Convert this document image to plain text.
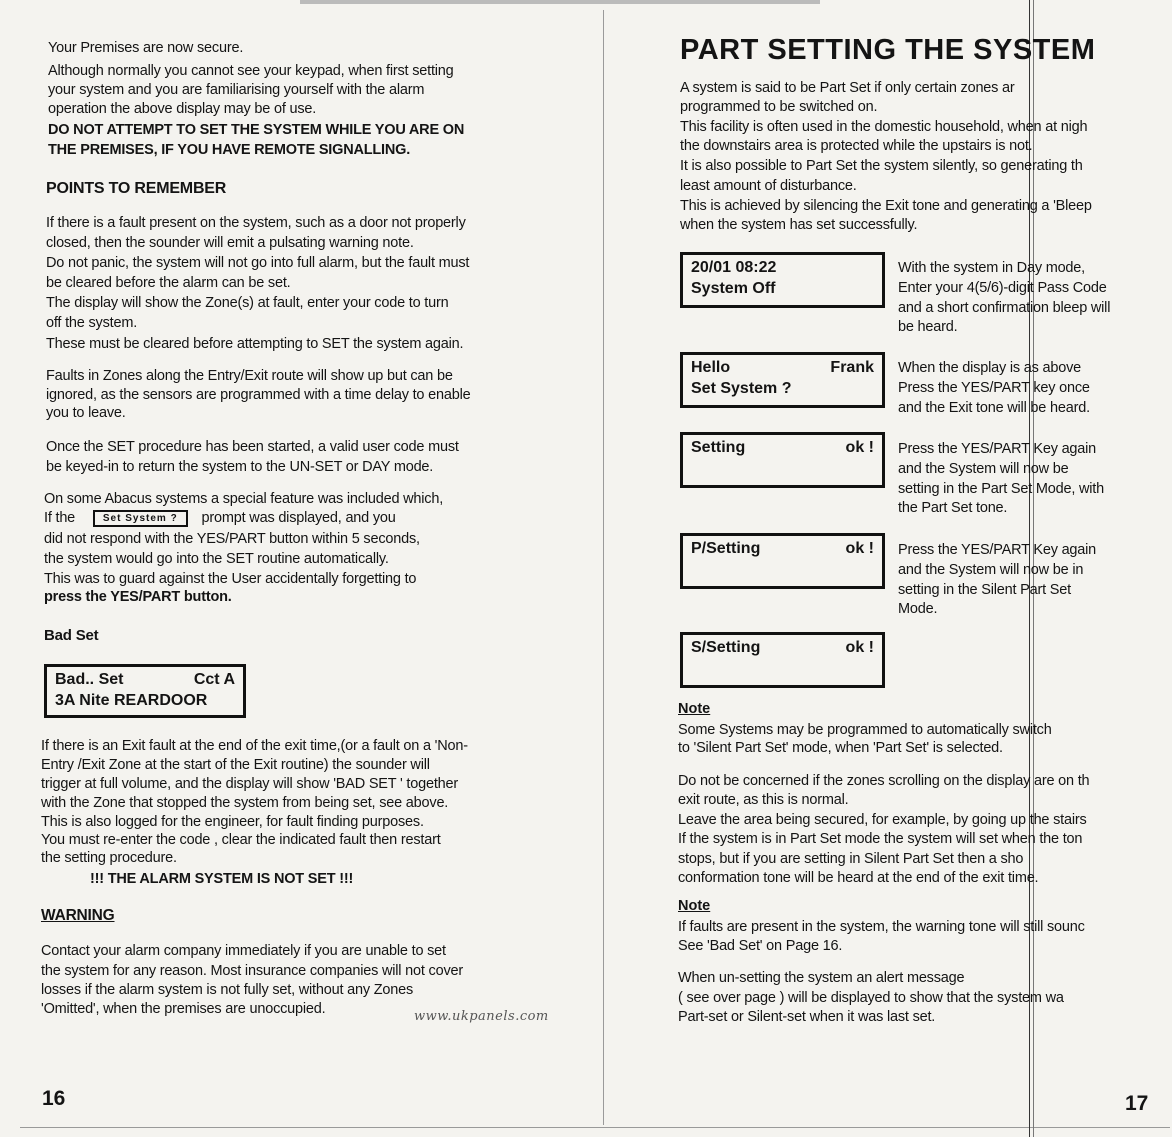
Your Premises are now secure.

Although normally you cannot see your keypad, when first setting

your system and you are familiarising yourself with the alarm

operation the above display may be of use.

DO NOT ATTEMPT TO SET THE SYSTEM WHILE YOU ARE ON

THE PREMISES, IF YOU HAVE REMOTE SIGNALLING.

POINTS TO REMEMBER

If there is a fault present on the system, such as a door not properly

closed, then the sounder will emit a pulsating warning note.

Do not panic, the system will not go into full alarm, but the fault must

be cleared before the alarm can be set.

The display will show the Zone(s) at fault, enter your code to turn

off the system.

These must be cleared before attempting to SET the system again.

Faults in Zones along the Entry/Exit route will show up but can be

ignored, as the sensors are programmed with a time delay to enable

you to leave.

Once the SET procedure has been started, a valid user code must

be keyed-in to return the system to the UN-SET or DAY mode.

On some Abacus systems a special feature was included which,

If the	Set System ? prompt was displayed, and you

did not respond with the YES/PART button within 5 seconds,

the system would go into the SET routine automatically.

This was to guard against the User accidentally forgetting to

press the YES/PART button.

Bad Set

Bad.. Set	Cct A
3A Nite REARDOOR

If there is an Exit fault at the end of the exit time,(or a fault on a 'Non-

Entry /Exit Zone at the start of the Exit routine) the sounder will

trigger at full volume, and the display will show 'BAD SET ' together

with the Zone that stopped the system from being set, see above.

This is also logged for the engineer, for fault finding purposes.

You must re-enter the code , clear the indicated fault then restart

the setting procedure.

!!! THE ALARM SYSTEM IS NOT SET !!!

WARNING

Contact your alarm company immediately if you are unable to set

the system for any reason. Most insurance companies will not cover

losses if the alarm system is not fully set, without any Zones

'Omitted', when the premises are unoccupied.	www.ukpanels.com

16

PART SETTING THE SYSTEM

A system is said to be Part Set if only certain zones ar

programmed to be switched on.

This facility is often used in the domestic household, when at nigh

the downstairs area is protected while the upstairs is not.

It is also possible to Part Set the system silently, so generating th

least amount of disturbance.

This is achieved by silencing the Exit tone and generating a 'Bleep

when the system has set successfully.

20/01 08:22
System Off

With the system in Day mode,

Enter your 4(5/6)-digit Pass Code

and a short confirmation bleep will

be heard.

Hello	Frank
Set System ?

When the display is as above

Press the YES/PART key once

and the Exit tone will be heard.

Setting	ok ! Press the YES/PART Key again

and the System will now be

setting in the Part Set Mode, with

the Part Set tone.

P/Setting	ok ! Press the YES/PART Key again

and the System will now be in

setting in the Silent Part Set

Mode.

S/Setting	ok !

Note

Some Systems may be programmed to automatically switch

to 'Silent Part Set' mode, when 'Part Set' is selected.

Do not be concerned if the zones scrolling on the display are on th

exit route, as this is normal.

Leave the area being secured, for example, by going up the stairs

If the system is in Part Set mode the system will set when the ton

stops, but if you are setting in Silent Part Set then a sho

conformation tone will be heard at the end of the exit time.

Note

If faults are present in the system, the warning tone will still sounc

See 'Bad Set' on Page 16.

When un-setting the system an alert message

( see over page ) will be displayed to show that the system wa

Part-set or Silent-set when it was last set.

17
